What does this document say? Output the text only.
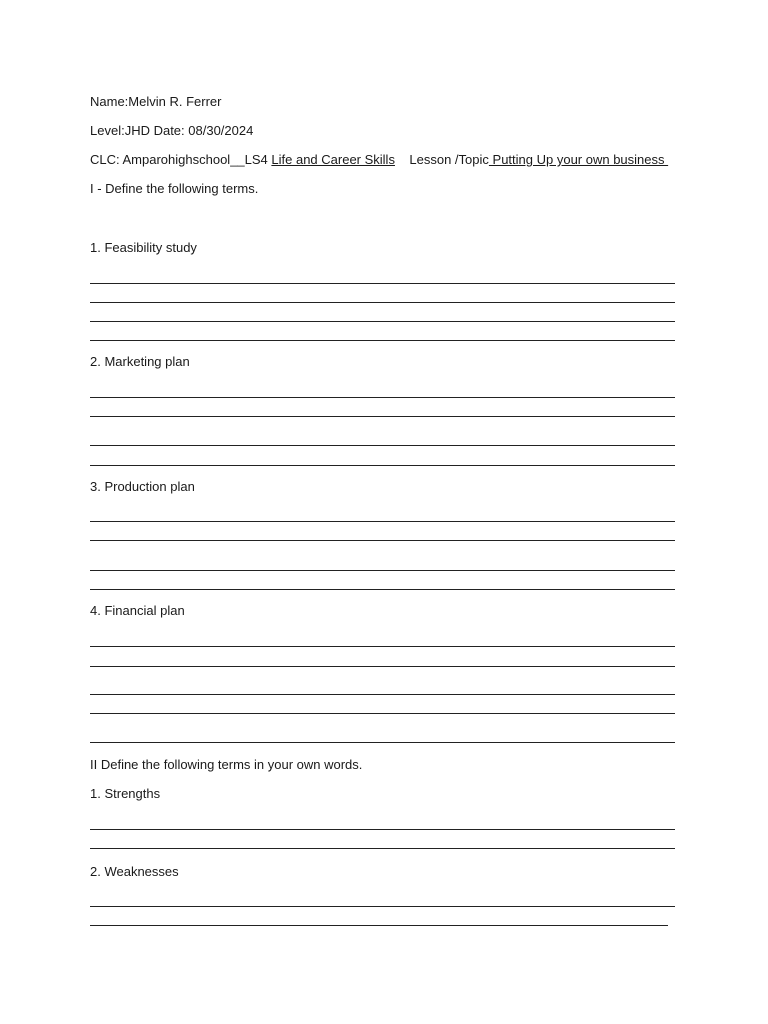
Name:Melvin R. Ferrer
Level:JHD Date: 08/30/2024
CLC: Amparohighschool__LS4 Life and Career Skills    Lesson /Topic Putting Up your own business
I - Define the following terms.
1. Feasibility study
2. Marketing plan
3. Production plan
4. Financial plan
II Define the following terms in your own words.
1. Strengths
2. Weaknesses
